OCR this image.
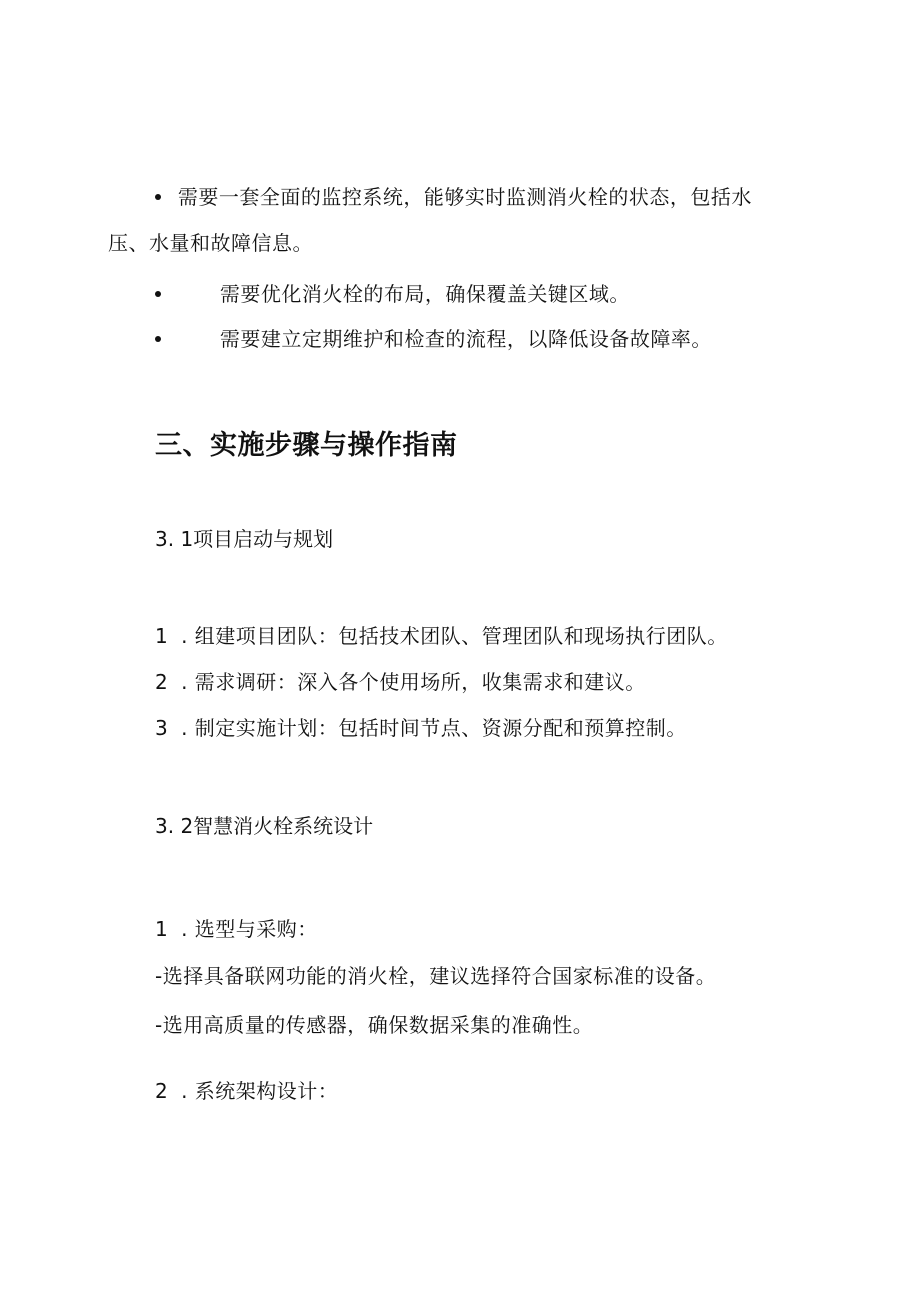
需要一套全面的监控系统，能够实时监测消火栓的状态，包括水
压、水量和故障信息。
需要优化消火栓的布局，确保覆盖关键区域。
需要建立定期维护和检查的流程，以降低设备故障率。
三、实施步骤与操作指南
3. 1项目启动与规划
1 . 组建项目团队：包括技术团队、管理团队和现场执行团队。
2 . 需求调研：深入各个使用场所，收集需求和建议。
3 . 制定实施计划：包括时间节点、资源分配和预算控制。
3. 2智慧消火栓系统设计
1 . 选型与采购：
-选择具备联网功能的消火栓，建议选择符合国家标准的设备。
-选用高质量的传感器，确保数据采集的准确性。
2 . 系统架构设计：
